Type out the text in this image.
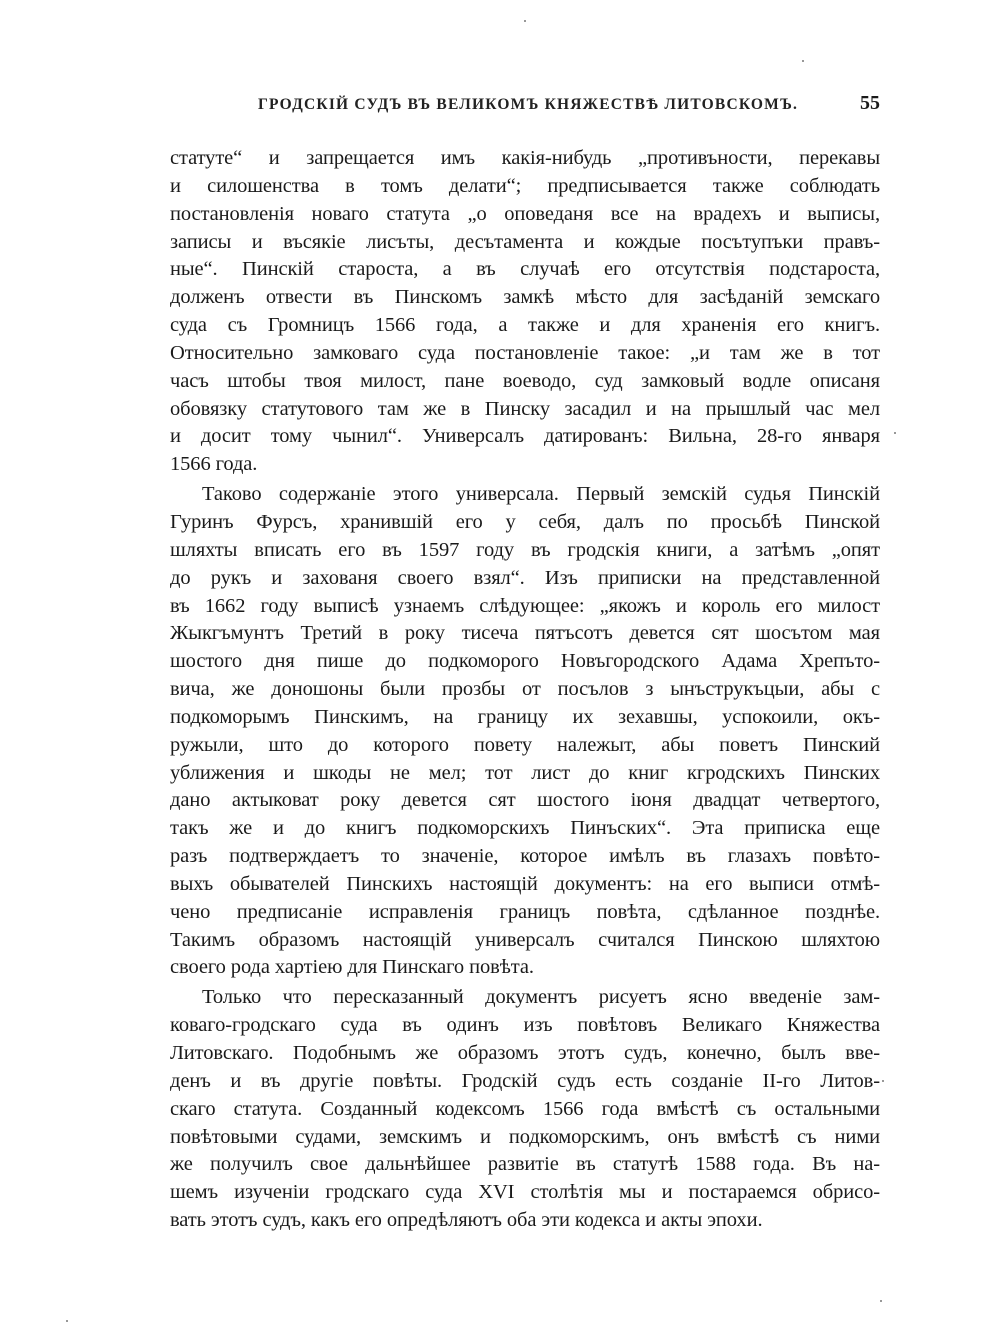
ГРОДСКІЙ СУДЪ ВЪ ВЕЛИКОМЪ КНЯЖЕСТВѢ ЛИТОВСКОМЪ.	55
статуте“ и запрещается имъ какія-нибудь „противъности, перекавы
и силошенства в томъ делати“; предписывается также соблюдать
постановленія новаго статута „о оповеданя все на врадехъ и выписы,
записы и въсякіе лисъты, десътамента и кождые посътупъки правъ-
ные“. Пинскій староста, а въ случаѣ его отсутствія подстароста,
долженъ отвести въ Пинскомъ замкѣ мѣсто для засѣданій земскаго
суда съ Громницъ 1566 года, а также и для храненія его книгъ.
Относительно замковаго суда постановленіе такое: „и там же в тот
часъ штобы твоя милост, пане воеводо, суд замковый водле описаня
обовязку статутового там же в Пинску засадил и на прышлый час мел
и досит тому чынил“. Универсалъ датированъ: Вильна, 28-го января
1566 года.
Таково содержаніе этого универсала. Первый земскій судья Пинскій
Гуринъ Фурсъ, хранившій его у себя, далъ по просьбѣ Пинской
шляхты вписать его въ 1597 году въ гродскія книги, а затѣмъ „опят
до рукъ и захованя своего взял“. Изъ приписки на представленной
въ 1662 году выписѣ узнаемъ слѣдующее: „якожъ и король его милост
Жыкгъмунтъ Третий в року тисеча пятъсотъ девется сят шосътом мая
шостого дня пише до подкоморого Новъгородского Адама Хрепъто-
вича, же доношоны были прозбы от посълов з ынъструкъцыи, абы с
подкоморымъ Пинскимъ, на границу их зехавшы, успокоили, окъ-
ружыли, што до которого повету належыт, абы поветъ Пинский
уближения и шкоды не мел; тот лист до книг кгродскихъ Пинских
дано актыковат року девется сят шостого іюня двадцат четвертого,
такъ же и до книгъ подкоморскихъ Пинъских“. Эта приписка еще
разъ подтверждаетъ то значеніе, которое имѣлъ въ глазахъ повѣто-
выхъ обывателей Пинскихъ настоящій документъ: на его выписи отмѣ-
чено предписаніе исправленія границъ повѣта, сдѣланное позднѣе.
Такимъ образомъ настоящій универсалъ считался Пинскою шляхтою
своего рода хартіею для Пинскаго повѣта.
Только что пересказанный документъ рисуетъ ясно введеніе зам-
коваго-гродскаго суда въ одинъ изъ повѣтовъ Великаго Княжества
Литовскаго. Подобнымъ же образомъ этотъ судъ, конечно, былъ вве-
денъ и въ другіе повѣты. Гродскій судъ есть созданіе II-го Литов-
скаго статута. Созданный кодексомъ 1566 года вмѣстѣ съ остальными
повѣтовыми судами, земскимъ и подкоморскимъ, онъ вмѣстѣ съ ними
же получилъ свое дальнѣйшее развитіе въ статутѣ 1588 года. Въ на-
шемъ изученіи гродскаго суда XVI столѣтія мы и постараемся обрисо-
вать этотъ судъ, какъ его опредѣляютъ оба эти кодекса и акты эпохи.
